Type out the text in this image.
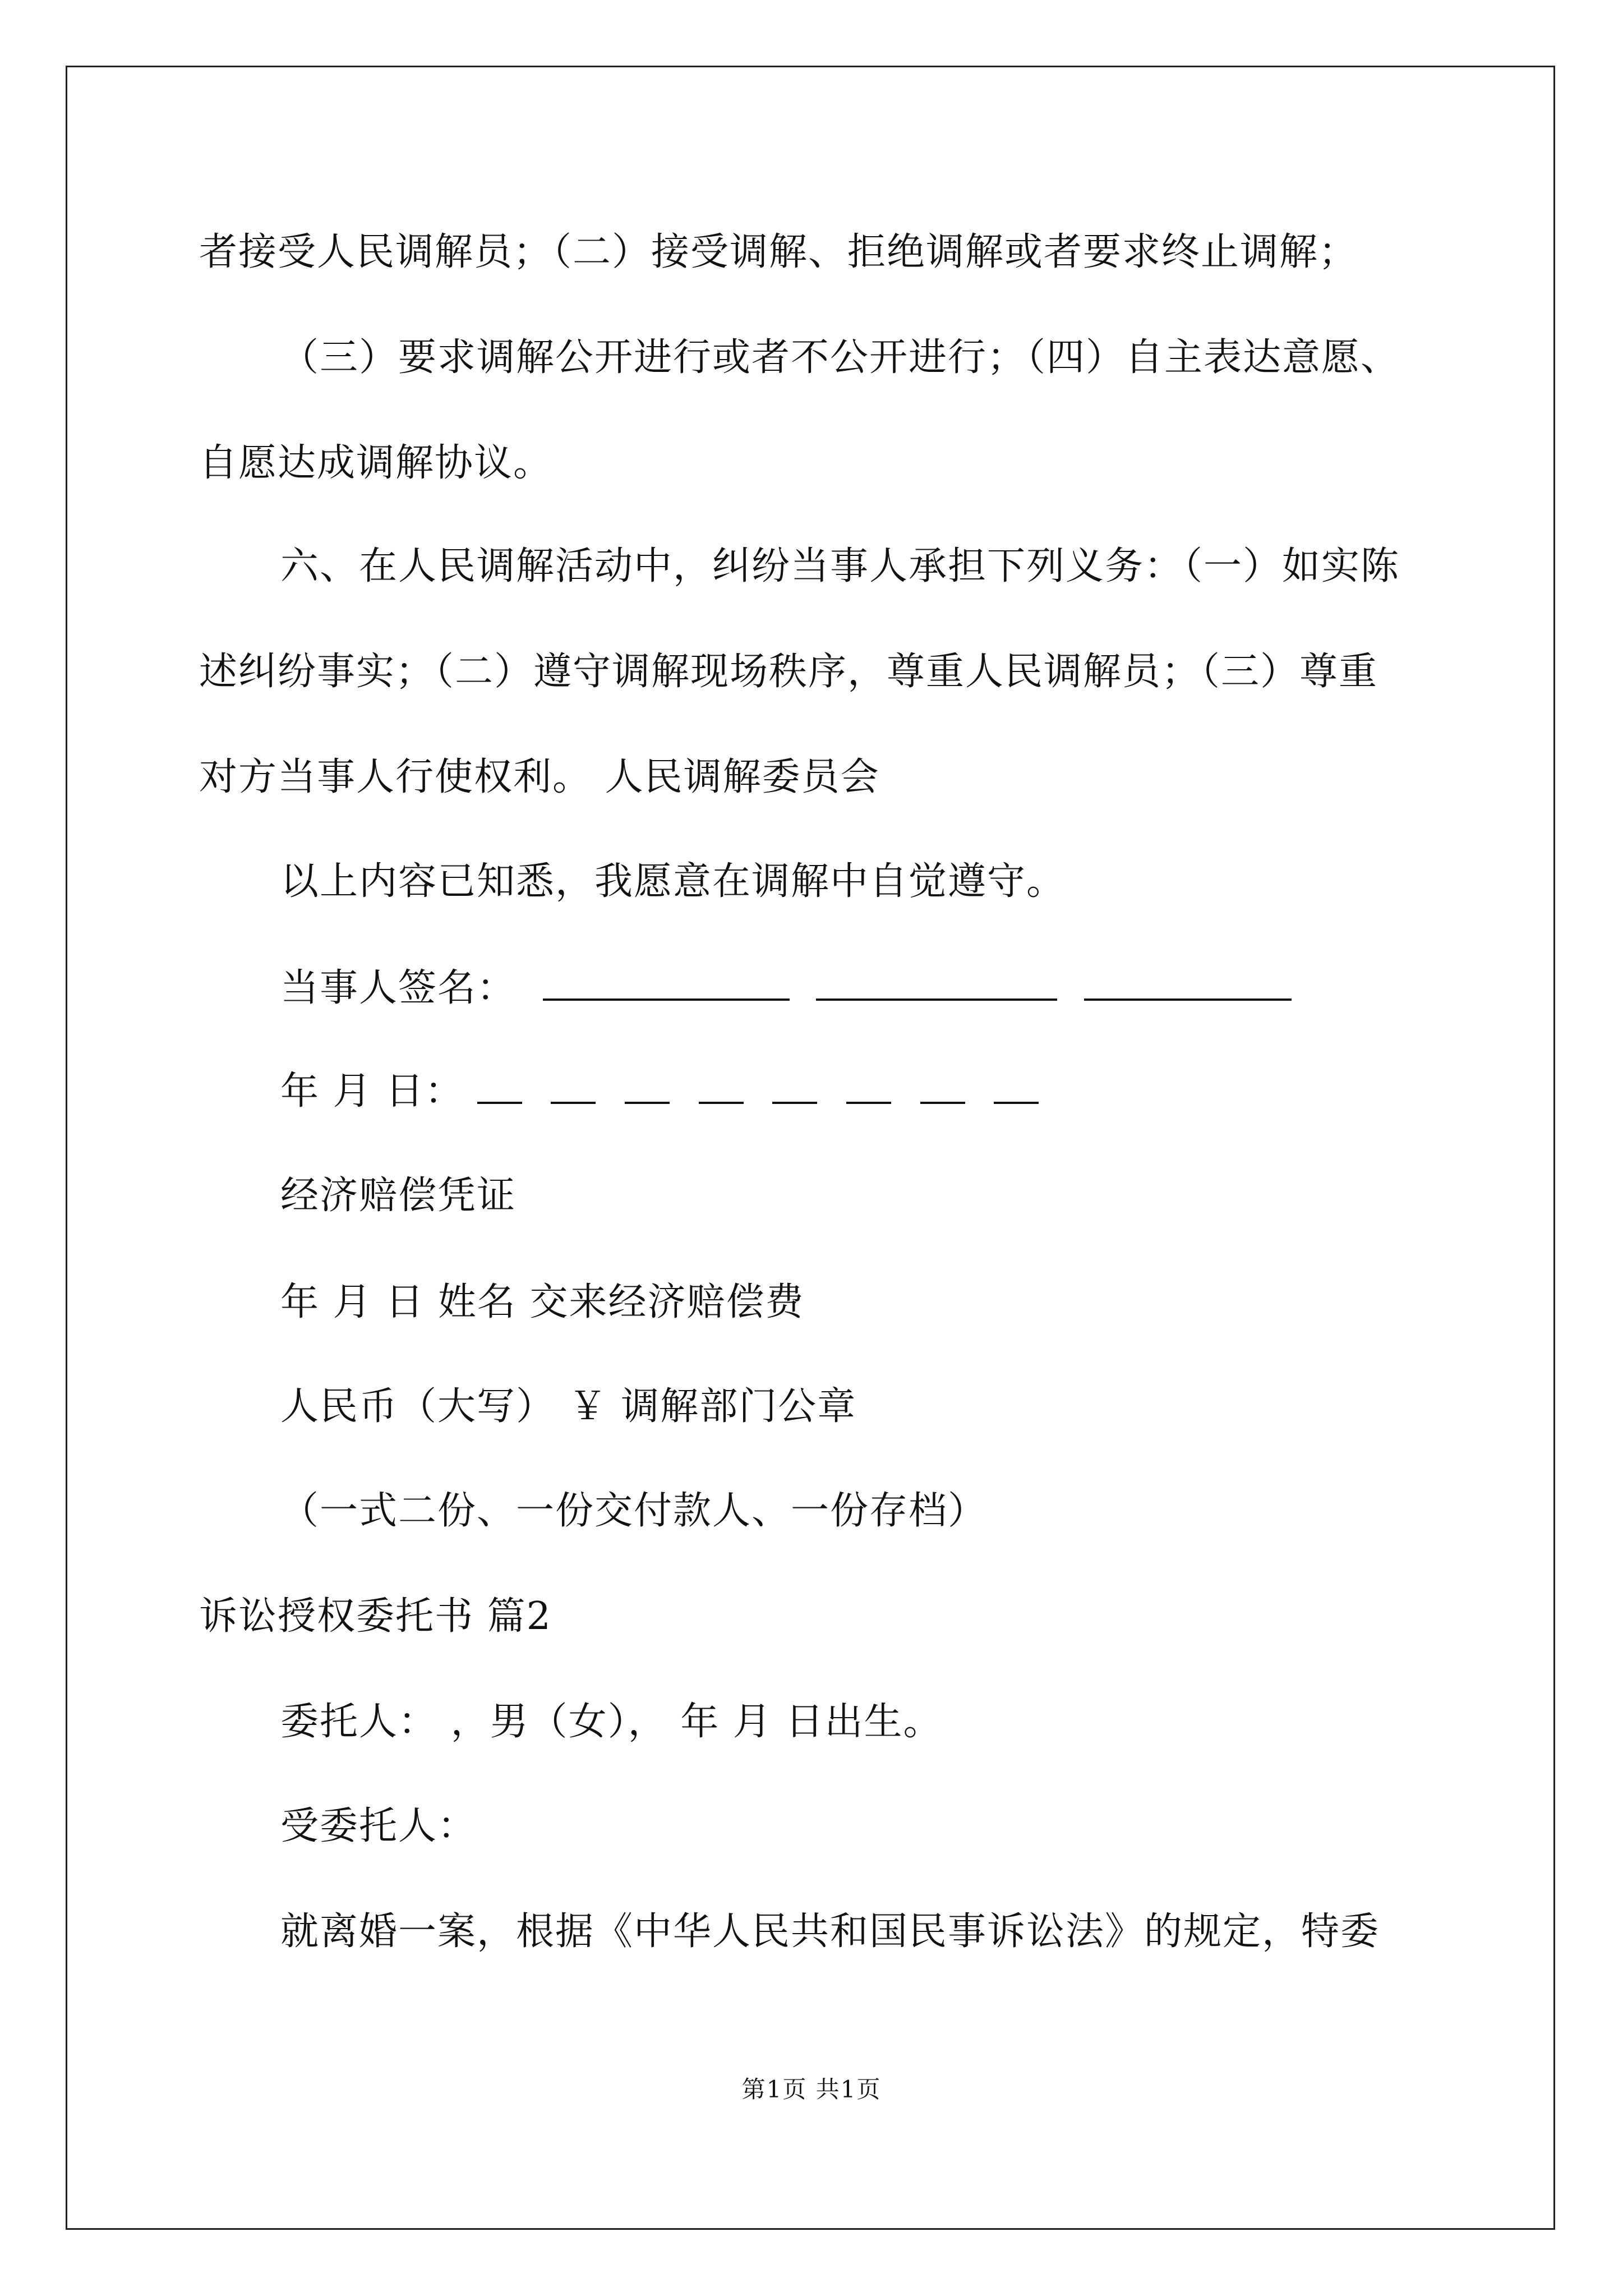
者接受人民调解员；（二）接受调解、拒绝调解或者要求终止调解；
（三）要求调解公开进行或者不公开进行；（四）自主表达意愿、
自愿达成调解协议。
六、在人民调解活动中，纠纷当事人承担下列义务：（一）如实陈
述纠纷事实；（二）遵守调解现场秩序，尊重人民调解员；（三）尊重
对方当事人行使权利。 人民调解委员会
以上内容已知悉，我愿意在调解中自觉遵守。
当事人签名：
年 月 日：
经济赔偿凭证
年 月 日 姓名 交来经济赔偿费
人民币（大写） ￥ 调解部门公章
（一式二份、一份交付款人、一份存档）
诉讼授权委托书 篇2
委托人： ，男（女）， 年 月 日出生。
受委托人：
就离婚一案，根据《中华人民共和国民事诉讼法》的规定，特委
第1页 共1页
